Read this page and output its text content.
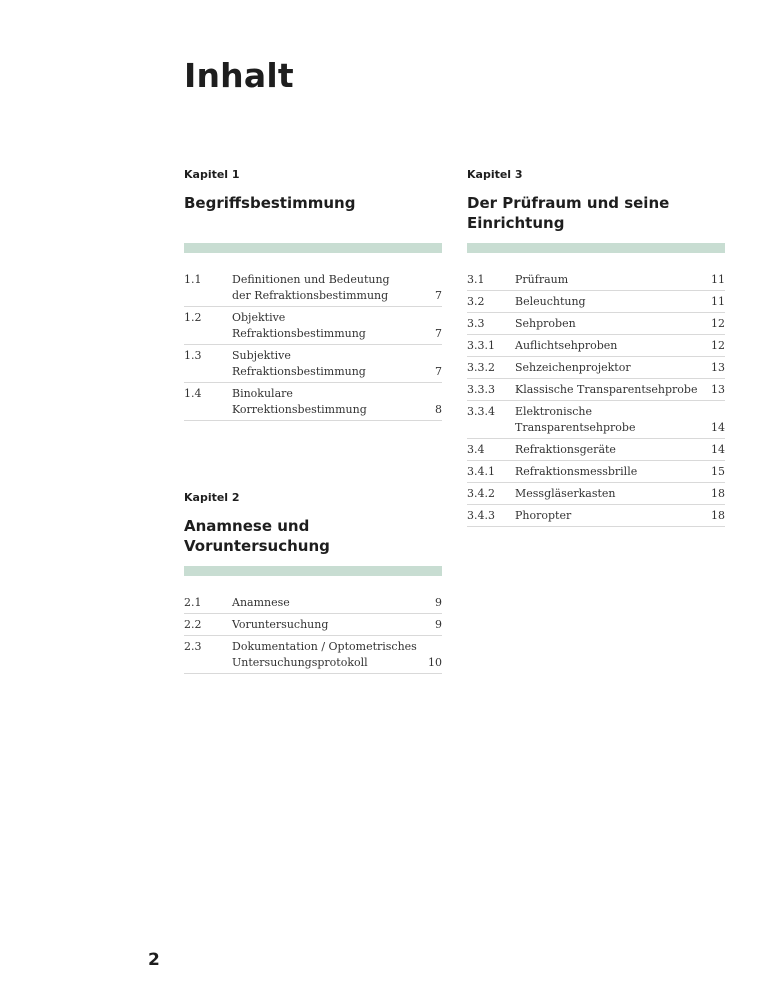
Inhalt
Kapitel 1
Begriffsbestimmung
1.1	Definitionen und Bedeutung
der Refraktionsbestimmung	7
1.2	Objektive Refraktionsbestimmung	7
1.3	Subjektive Refraktionsbestimmung	7
1.4	Binokulare Korrektionsbestimmung	8
Kapitel 2
Anamnese und
Voruntersuchung
2.1	Anamnese	9
2.2	Voruntersuchung	9
2.3	Dokumentation / Optometrisches
Untersuchungsprotokoll	10
Kapitel 3
Der Prüfraum und seine
Einrichtung
3.1	Prüfraum	11
3.2	Beleuchtung	11
3.3	Sehproben	12
3.3.1	Auflichtsehproben	12
3.3.2	Sehzeichenprojektor	13
3.3.3	Klassische Transparentsehprobe	13
3.3.4	Elektronische Transparentsehprobe	14
3.4	Refraktionsgeräte	14
3.4.1	Refraktionsmessbrille	15
3.4.2	Messgläserkasten	18
3.4.3	Phoropter	18
2
